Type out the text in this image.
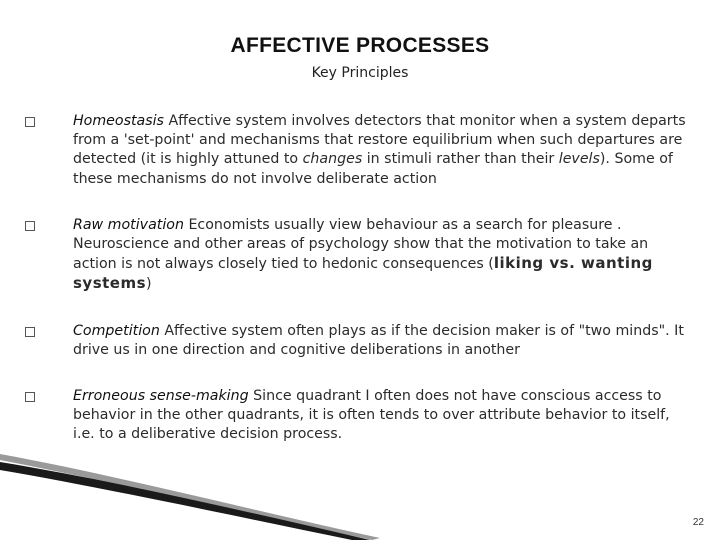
AFFECTIVE PROCESSES
Key Principles
Homeostasis Affective system involves detectors that monitor when a system departs from a 'set-point' and mechanisms that restore equilibrium when such departures are detected (it is highly attuned to changes in stimuli rather than their levels). Some of these mechanisms do not involve deliberate action
Raw motivation Economists usually view behaviour as a search for pleasure . Neuroscience and other areas of psychology show that the motivation to take an action is not always closely tied to hedonic consequences (liking vs. wanting systems)
Competition Affective system often plays as if the decision maker is of "two minds". It drive us in one direction and cognitive deliberations in another
Erroneous sense-making Since quadrant I often does not have conscious access to behavior in the other quadrants, it is often tends to over attribute behavior to itself, i.e. to a deliberative decision process.
22
